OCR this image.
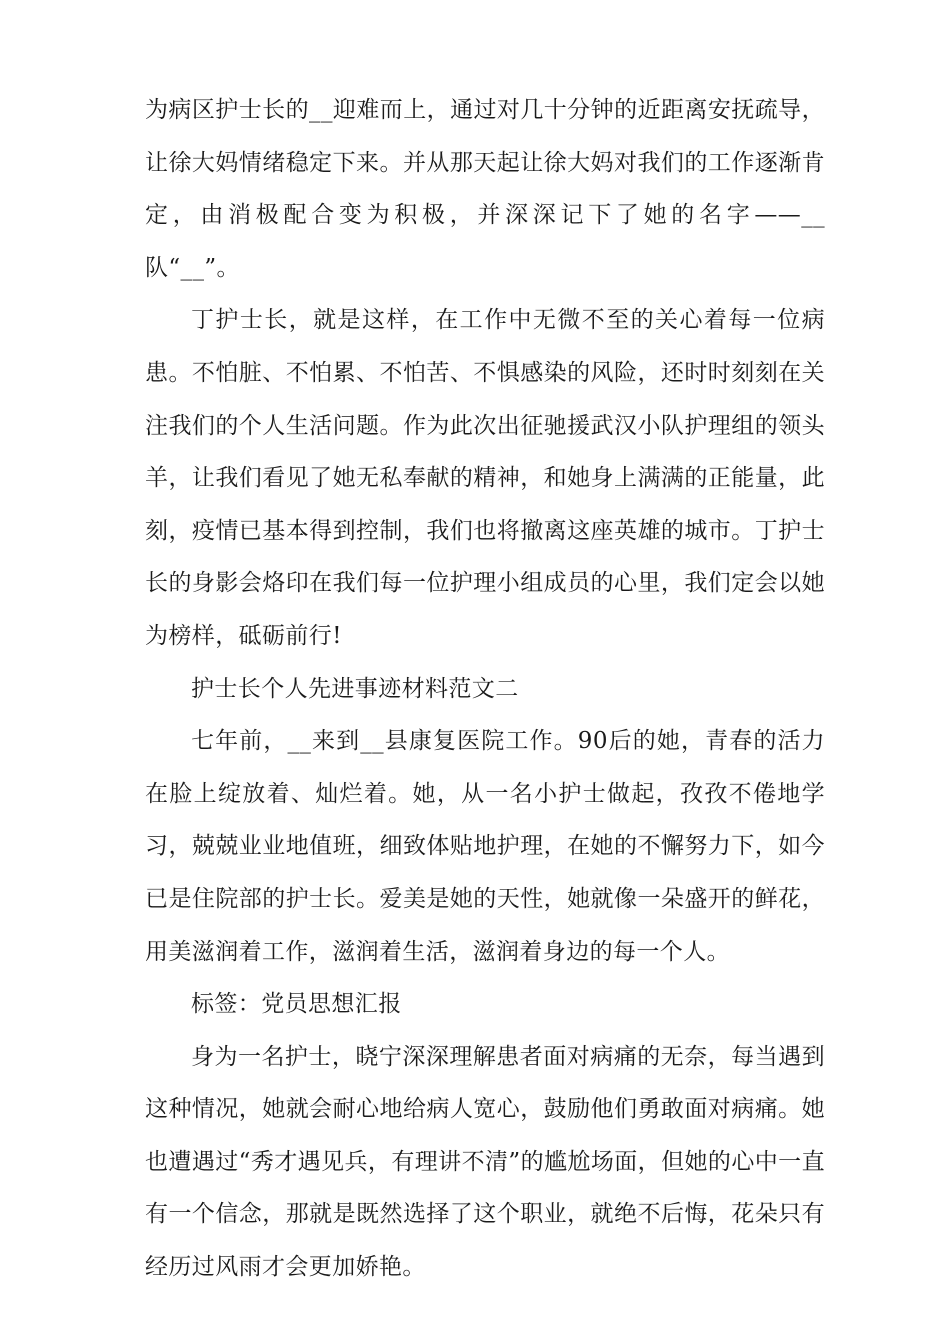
为病区护士长的__迎难而上，通过对几十分钟的近距离安抚疏导，让徐大妈情绪稳定下来。并从那天起让徐大妈对我们的工作逐渐肯定，由消极配合变为积极，并深深记下了她的名字——__队“__”。

丁护士长，就是这样，在工作中无微不至的关心着每一位病患。不怕脏、不怕累、不怕苦、不惧感染的风险，还时时刻刻在关注我们的个人生活问题。作为此次出征驰援武汉小队护理组的领头羊，让我们看见了她无私奉献的精神，和她身上满满的正能量，此刻，疫情已基本得到控制，我们也将撤离这座英雄的城市。丁护士长的身影会烙印在我们每一位护理小组成员的心里，我们定会以她为榜样，砥砺前行!

护士长个人先进事迹材料范文二

七年前，__来到__县康复医院工作。90后的她，青春的活力在脸上绽放着、灿烂着。她，从一名小护士做起，孜孜不倦地学习，兢兢业业地值班，细致体贴地护理，在她的不懈努力下，如今已是住院部的护士长。爱美是她的天性，她就像一朵盛开的鲜花，用美滋润着工作，滋润着生活，滋润着身边的每一个人。

标签：党员思想汇报

身为一名护士，晓宁深深理解患者面对病痛的无奈，每当遇到这种情况，她就会耐心地给病人宽心，鼓励他们勇敢面对病痛。她也遭遇过“秀才遇见兵，有理讲不清”的尴尬场面，但她的心中一直有一个信念，那就是既然选择了这个职业，就绝不后悔，花朵只有经历过风雨才会更加娇艳。
